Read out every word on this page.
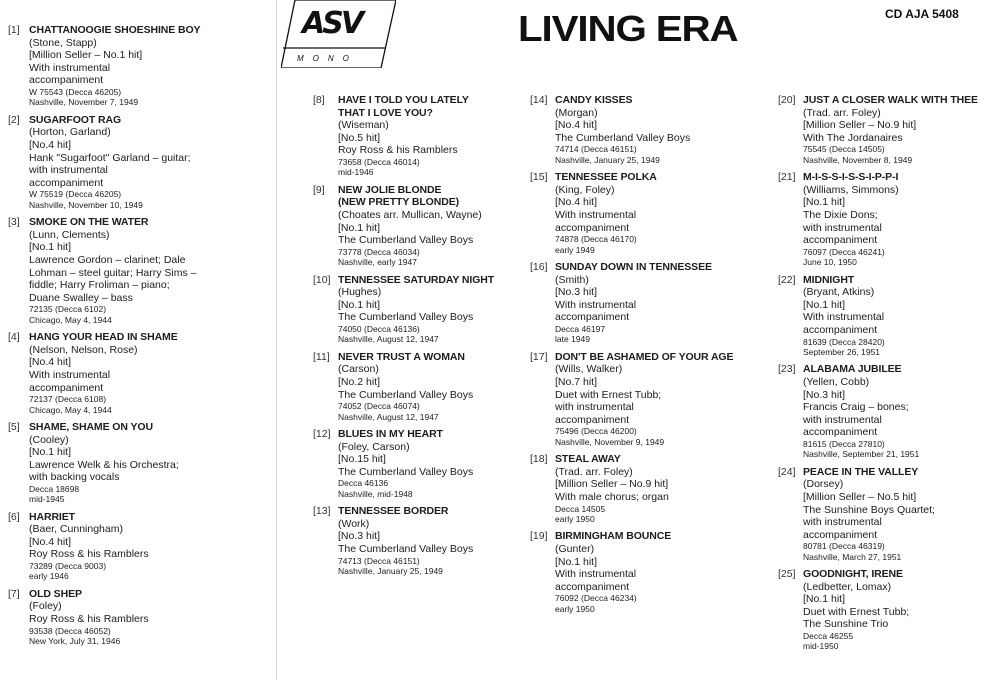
ASV
MONO
LIVING ERA	CD AJA 5408
[1] CHATTANOOGIE SHOESHINE BOY
(Stone, Stapp)
[Million Seller – No.1 hit]
With instrumental
accompaniment
W 75543 (Decca 46205)
Nashville, November 7, 1949
[2] SUGARFOOT RAG
(Horton, Garland)
[No.4 hit]
Hank "Sugarfoot" Garland – guitar;
with instrumental
accompaniment
W 75519 (Decca 46205)
Nashville, November 10, 1949
[3] SMOKE ON THE WATER
(Lunn, Clements)
[No.1 hit]
Lawrence Gordon – clarinet; Dale
Lohman – steel guitar; Harry Sims –
fiddle; Harry Froliman – piano;
Duane Swalley – bass
72135 (Decca 6102)
Chicago, May 4, 1944
[4] HANG YOUR HEAD IN SHAME
(Nelson, Nelson, Rose)
[No.4 hit]
With instrumental
accompaniment
72137 (Decca 6108)
Chicago, May 4, 1944
[5] SHAME, SHAME ON YOU
(Cooley)
[No.1 hit]
Lawrence Welk & his Orchestra;
with backing vocals
Decca 18698
mid-1945
[6] HARRIET
(Baer, Cunningham)
[No.4 hit]
Roy Ross & his Ramblers
73289 (Decca 9003)
early 1946
[7] OLD SHEP
(Foley)
Roy Ross & his Ramblers
93538 (Decca 46052)
New York, July 31, 1946
[8]	HAVE I TOLD YOU LATELY
THAT I LOVE YOU?
(Wiseman)
[No.5 hit]
Roy Ross & his Ramblers
73658 (Decca 46014)
mid-1946
[9]	NEW JOLIE BLONDE
(NEW PRETTY BLONDE)
(Choates arr. Mullican, Wayne)
[No.1 hit]
The Cumberland Valley Boys
73778 (Decca 46034)
Nashville, early 1947
[10] TENNESSEE SATURDAY NIGHT
(Hughes)
[No.1 hit]
The Cumberland Valley Boys
74050 (Decca 46136)
Nashville, August 12, 1947
[11] NEVER TRUST A WOMAN
(Carson)
[No.2 hit]
The Cumberland Valley Boys
74052 (Decca 46074)
Nashville, August 12, 1947
[12] BLUES IN MY HEART
(Foley, Carson)
[No.15 hit]
The Cumberland Valley Boys
Decca 46136
Nashville, mid-1948
[13] TENNESSEE BORDER
(Work)
[No.3 hit]
The Cumberland Valley Boys
74713 (Decca 46151)
Nashville, January 25, 1949
[14] CANDY KISSES
(Morgan)
[No.4 hit]
The Cumberland Valley Boys
74714 (Decca 46151)
Nashville, January 25, 1949
[15] TENNESSEE POLKA
(King, Foley)
[No.4 hit]
With instrumental
accompaniment
74878 (Decca 46170)
early 1949
[16] SUNDAY DOWN IN TENNESSEE
(Smith)
[No.3 hit]
With instrumental
accompaniment
Decca 46197
late 1949
[17] DON'T BE ASHAMED OF YOUR AGE
(Wills, Walker)
[No.7 hit]
Duet with Ernest Tubb;
with instrumental
accompaniment
75496 (Decca 46200)
Nashville, November 9, 1949
[18] STEAL AWAY
(Trad. arr. Foley)
[Million Seller – No.9 hit]
With male chorus; organ
Decca 14505
early 1950
[19] BIRMINGHAM BOUNCE
(Gunter)
[No.1 hit]
With instrumental
accompaniment
76092 (Decca 46234)
early 1950
[20] JUST A CLOSER WALK WITH THEE
(Trad. arr. Foley)
[Million Seller – No.9 hit]
With The Jordanaires
75545 (Decca 14505)
Nashville, November 8, 1949
[21] M-I-S-S-I-S-S-I-P-P-I
(Williams, Simmons)
[No.1 hit]
The Dixie Dons;
with instrumental
accompaniment
76097 (Decca 46241)
June 10, 1950
[22] MIDNIGHT
(Bryant, Atkins)
[No.1 hit]
With instrumental
accompaniment
81639 (Decca 28420)
September 26, 1951
[23] ALABAMA JUBILEE
(Yellen, Cobb)
[No.3 hit]
Francis Craig – bones;
with instrumental
accompaniment
81615 (Decca 27810)
Nashville, September 21, 1951
[24] PEACE IN THE VALLEY
(Dorsey)
[Million Seller – No.5 hit]
The Sunshine Boys Quartet;
with instrumental
accompaniment
80781 (Decca 46319)
Nashville, March 27, 1951
[25] GOODNIGHT, IRENE
(Ledbetter, Lomax)
[No.1 hit]
Duet with Ernest Tubb;
The Sunshine Trio
Decca 46255
mid-1950
